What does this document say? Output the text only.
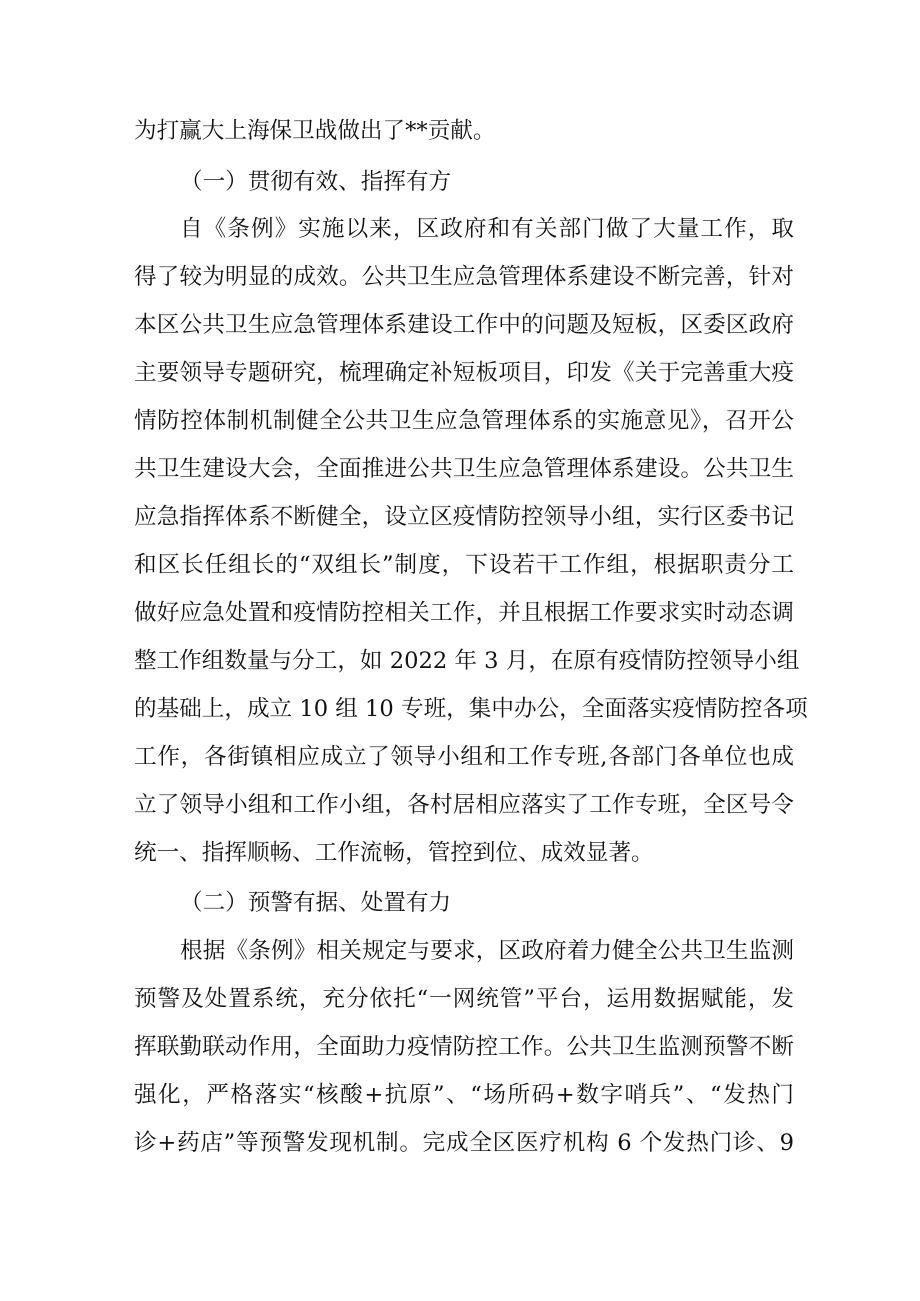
为打赢大上海保卫战做出了**贡献。
（一）贯彻有效、指挥有方
自《条例》实施以来，区政府和有关部门做了大量工作，取
得了较为明显的成效。公共卫生应急管理体系建设不断完善，针对
本区公共卫生应急管理体系建设工作中的问题及短板，区委区政府
主要领导专题研究，梳理确定补短板项目，印发《关于完善重大疫
情防控体制机制健全公共卫生应急管理体系的实施意见》，召开公
共卫生建设大会，全面推进公共卫生应急管理体系建设。公共卫生
应急指挥体系不断健全，设立区疫情防控领导小组，实行区委书记
和区长任组长的“双组长”制度，下设若干工作组，根据职责分工
做好应急处置和疫情防控相关工作，并且根据工作要求实时动态调
整工作组数量与分工，如 2022 年 3 月，在原有疫情防控领导小组
的基础上，成立 10 组 10 专班，集中办公，全面落实疫情防控各项
工作，各街镇相应成立了领导小组和工作专班,各部门各单位也成
立了领导小组和工作小组，各村居相应落实了工作专班，全区号令
统一、指挥顺畅、工作流畅，管控到位、成效显著。
（二）预警有据、处置有力
根据《条例》相关规定与要求，区政府着力健全公共卫生监测
预警及处置系统，充分依托“一网统管”平台，运用数据赋能，发
挥联勤联动作用，全面助力疫情防控工作。公共卫生监测预警不断
强化，严格落实“核酸+抗原”、“场所码+数字哨兵”、“发热门
诊+药店”等预警发现机制。完成全区医疗机构 6 个发热门诊、9
